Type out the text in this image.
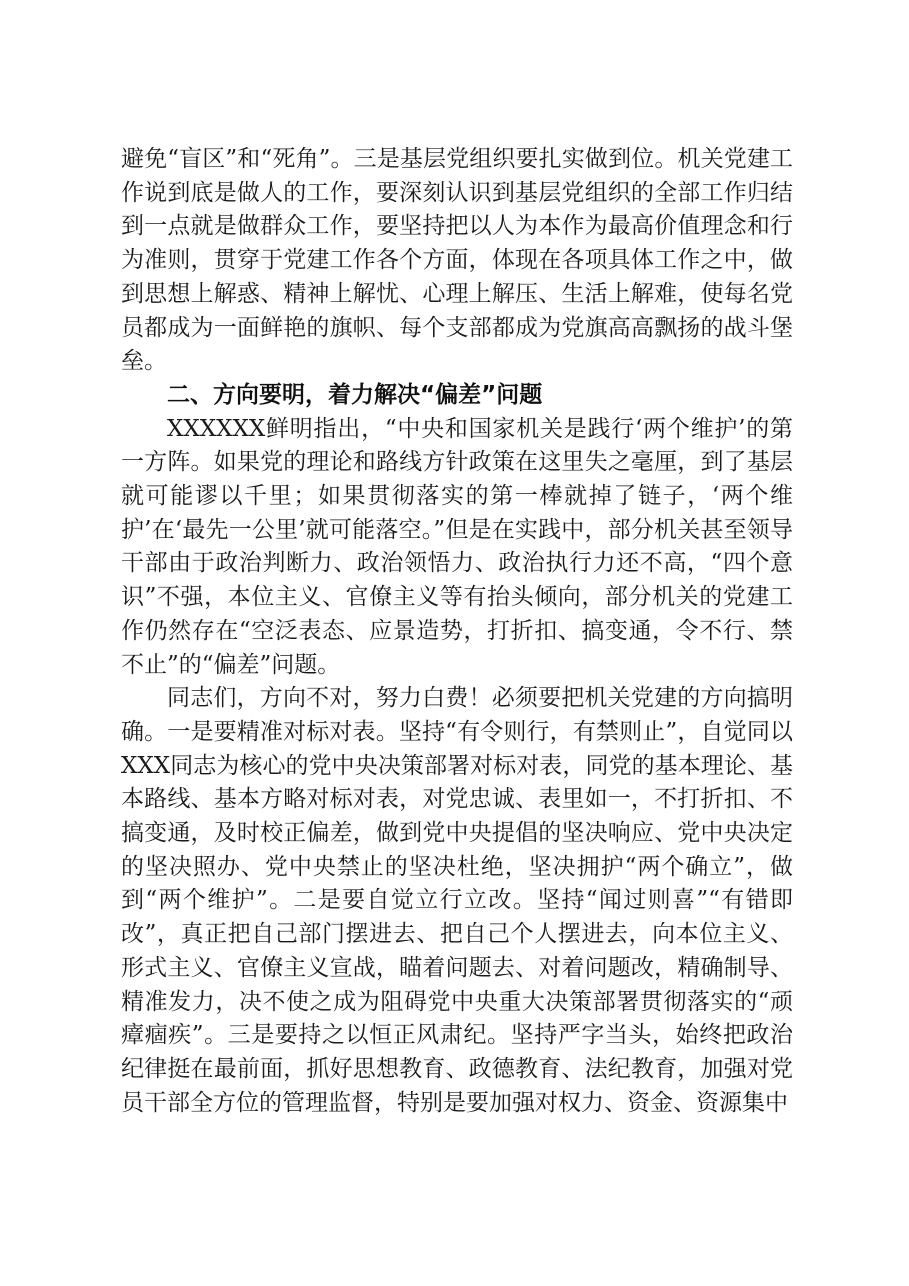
避免“盲区”和“死角”。三是基层党组织要扎实做到位。机关党建工作说到底是做人的工作，要深刻认识到基层党组织的全部工作归结到一点就是做群众工作，要坚持把以人为本作为最高价值理念和行为准则，贯穿于党建工作各个方面，体现在各项具体工作之中，做到思想上解惑、精神上解忧、心理上解压、生活上解难，使每名党员都成为一面鲜艳的旗帜、每个支部都成为党旗高高飘扬的战斗堡垒。

二、方向要明，着力解决“偏差”问题

XXXXXX鲜明指出，“中央和国家机关是践行‘两个维护’的第一方阵。如果党的理论和路线方针政策在这里失之毫厘，到了基层就可能谬以千里；如果贯彻落实的第一棒就掉了链子，‘两个维护’在‘最先一公里’就可能落空。”但是在实践中，部分机关甚至领导干部由于政治判断力、政治领悟力、政治执行力还不高，“四个意识”不强，本位主义、官僚主义等有抬头倾向，部分机关的党建工作仍然存在“空泛表态、应景造势，打折扣、搞变通，令不行、禁不止”的“偏差”问题。

同志们，方向不对，努力白费！必须要把机关党建的方向搞明确。一是要精准对标对表。坚持“有令则行，有禁则止”，自觉同以XXX同志为核心的党中央决策部署对标对表，同党的基本理论、基本路线、基本方略对标对表，对党忠诚、表里如一，不打折扣、不搞变通，及时校正偏差，做到党中央提倡的坚决响应、党中央决定的坚决照办、党中央禁止的坚决杜绝，坚决拥护“两个确立”，做到“两个维护”。二是要自觉立行立改。坚持“闻过则喜”“有错即改”，真正把自己部门摆进去、把自己个人摆进去，向本位主义、形式主义、官僚主义宣战，瞄着问题去、对着问题改，精确制导、精准发力，决不使之成为阻碍党中央重大决策部署贯彻落实的“顽瘴痼疾”。三是要持之以恒正风肃纪。坚持严字当头，始终把政治纪律挺在最前面，抓好思想教育、政德教育、法纪教育，加强对党员干部全方位的管理监督，特别是要加强对权力、资金、资源集中
